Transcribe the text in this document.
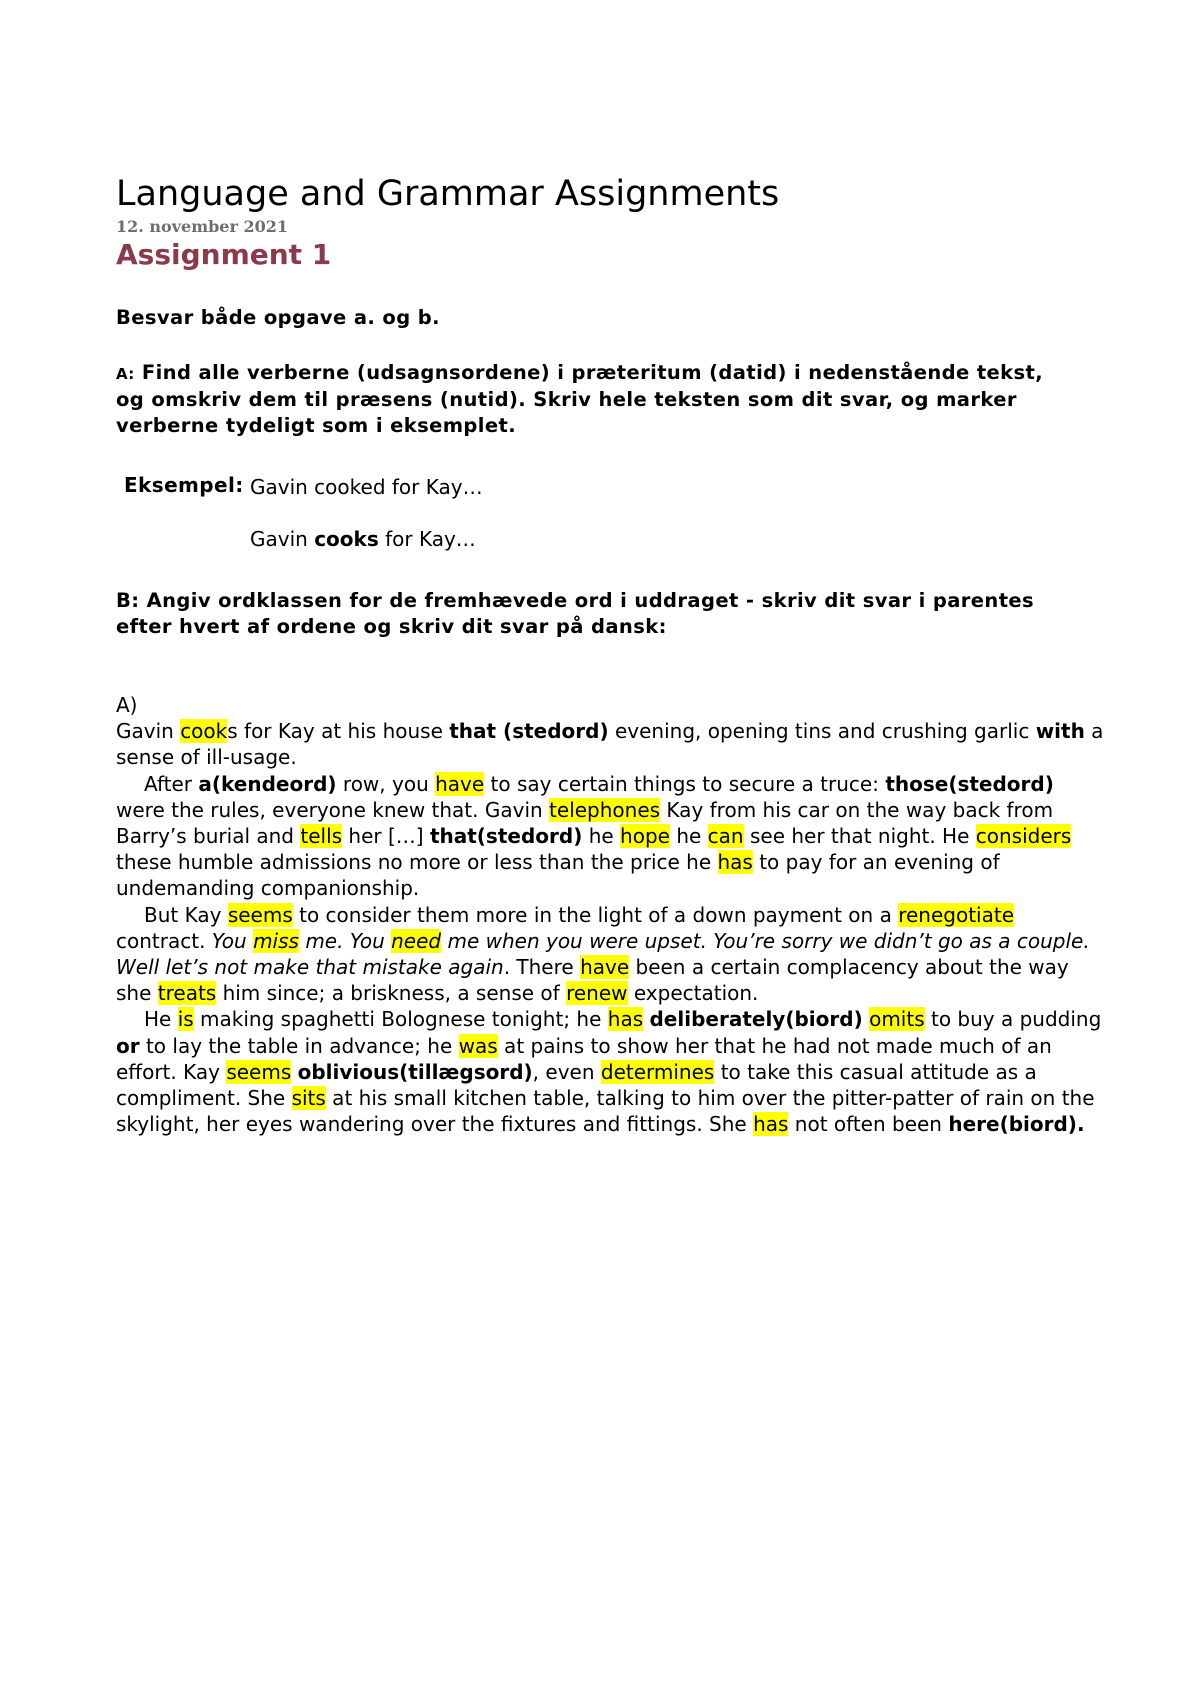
Language and Grammar Assignments
12. november 2021
Assignment 1
Besvar både opgave a. og b.
A: Find alle verberne (udsagnsordene) i præteritum (datid) i nedenstående tekst, og omskriv dem til præsens (nutid). Skriv hele teksten som dit svar, og marker verberne tydeligt som i eksemplet.
Eksempel: Gavin cooked for Kay…
Gavin cooks for Kay…
B: Angiv ordklassen for de fremhævede ord i uddraget - skriv dit svar i parentes efter hvert af ordene og skriv dit svar på dansk:

A)

Gavin cooks for Kay at his house that (stedord) evening, opening tins and crushing garlic with a sense of ill-usage.

After a(kendeord) row, you have to say certain things to secure a truce: those(stedord) were the rules, everyone knew that. Gavin telephones Kay from his car on the way back from Barry’s burial and tells her […] that(stedord) he hope he can see her that night. He considers these humble admissions no more or less than the price he has to pay for an evening of undemanding companionship.

But Kay seems to consider them more in the light of a down payment on a renegotiate contract. You miss me. You need me when you were upset. You’re sorry we didn’t go as a couple. Well let’s not make that mistake again. There have been a certain complacency about the way she treats him since; a briskness, a sense of renew expectation.

He is making spaghetti Bolognese tonight; he has deliberately(biord) omits to buy a pudding or to lay the table in advance; he was at pains to show her that he had not made much of an effort. Kay seems oblivious(tillægsord), even determines to take this casual attitude as a compliment. She sits at his small kitchen table, talking to him over the pitter-patter of rain on the skylight, her eyes wandering over the fixtures and fittings. She has not often been here(biord).
